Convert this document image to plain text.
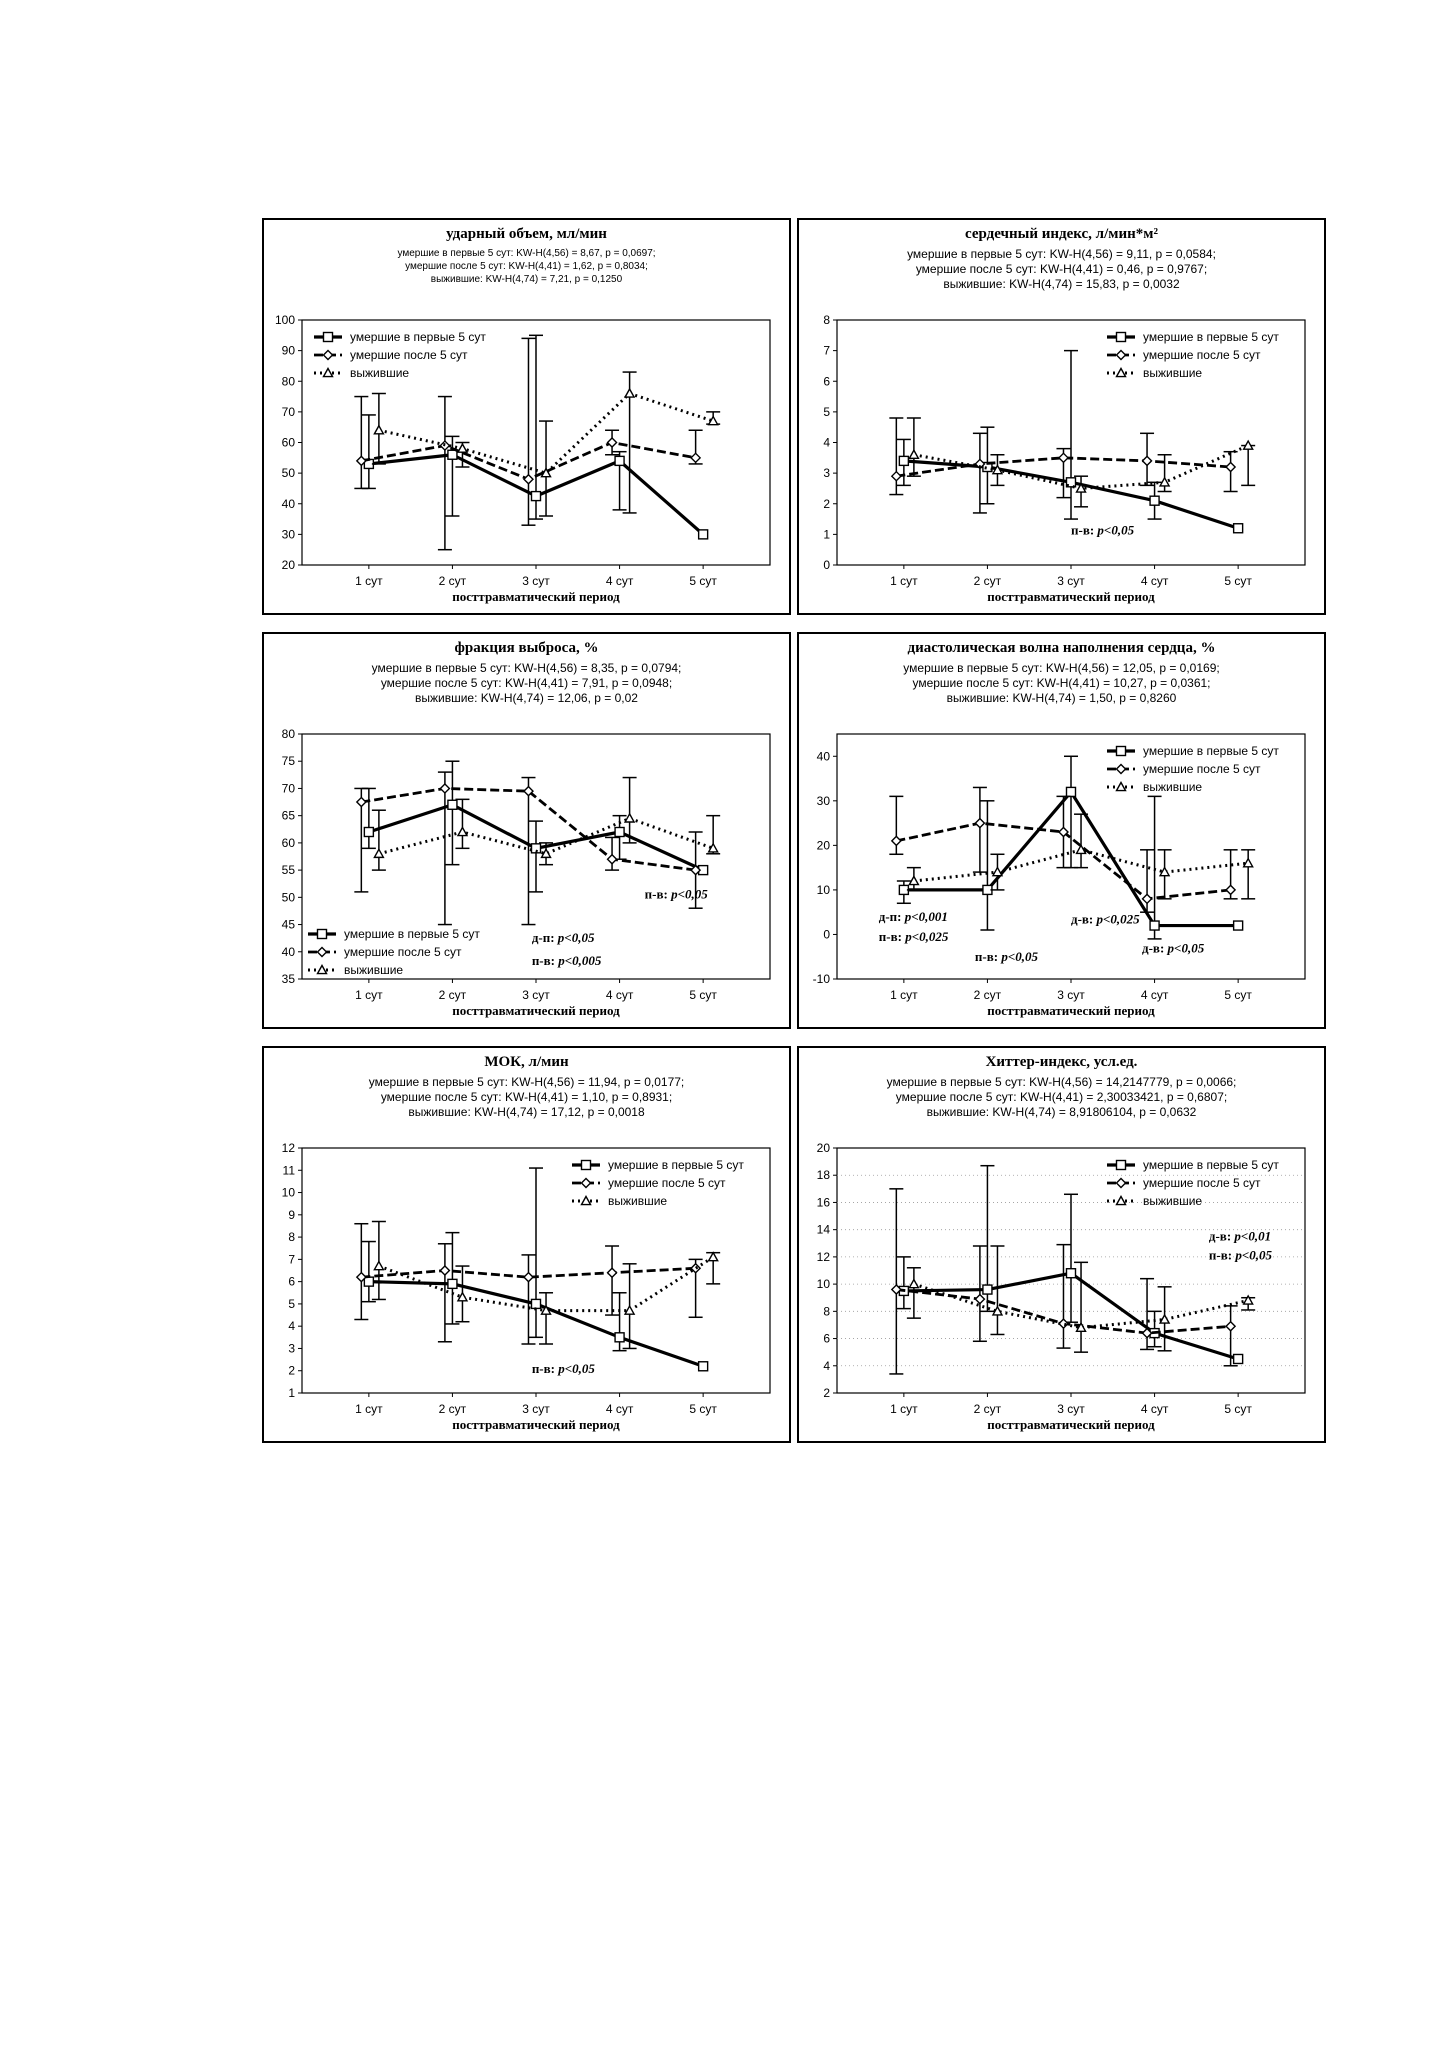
20
30
40
50
60
70
80
90
100
1 сут	2 сут	3 сут	4 сут	5 сут
посттравматический период
умершие в первые 5 сут
умершие после 5 сут
выжившие
ударный объем, мл/мин
умершие в первые 5 сут: KW-H(4,56) = 8,67, p = 0,0697;
умершие после 5 сут: KW-H(4,41) = 1,62, p = 0,8034;
выжившие: KW-H(4,74) = 7,21, p = 0,1250
0
1
2
3
4
5
6
7
8
1 сут	2 сут	3 сут	4 сут	5 сут
посттравматический период
умершие в первые 5 сут
умершие после 5 сут
выжившие
п-в: p<0,05
сердечный индекс, л/мин*м²
умершие в первые 5 сут: KW-H(4,56) = 9,11, p = 0,0584;
умершие после 5 сут: KW-H(4,41) = 0,46, p = 0,9767;
выжившие: KW-H(4,74) = 15,83, p = 0,0032
35
40
45
50
55
60
65
70
75
80
1 сут	2 сут	3 сут	4 сут	5 сут
посттравматический период
умершие в первые 5 сут
умершие после 5 сут
выжившие
п-в: p<0,05
д-п: p<0,05
п-в: p<0,005
фракция выброса, %
умершие в первые 5 сут: KW-H(4,56) = 8,35, p = 0,0794;
умершие после 5 сут: KW-H(4,41) = 7,91, p = 0,0948;
выжившие: KW-H(4,74) = 12,06, p = 0,02
-10
0
10
20
30
40
1 сут	2 сут	3 сут	4 сут	5 сут
посттравматический период
умершие в первые 5 сут
умершие после 5 сут
выжившие
д-п: p<0,001
п-в: p<0,025
п-в: p<0,05
д-в: p<0,025
д-в: p<0,05
диастолическая волна наполнения сердца, %
умершие в первые 5 сут: KW-H(4,56) = 12,05, p = 0,0169;
умершие после 5 сут: KW-H(4,41) = 10,27, p = 0,0361;
выжившие: KW-H(4,74) = 1,50, p = 0,8260
1
2
3
4
5
6
7
8
9
10
11
12
1 сут	2 сут	3 сут	4 сут	5 сут
посттравматический период
умершие в первые 5 сут
умершие после 5 сут
выжившие
п-в: p<0,05
МОК, л/мин
умершие в первые 5 сут: KW-H(4,56) = 11,94, p = 0,0177;
умершие после 5 сут: KW-H(4,41) = 1,10, p = 0,8931;
выжившие: KW-H(4,74) = 17,12, p = 0,0018
2
4
6
8
10
12
14
16
18
20
1 сут	2 сут	3 сут	4 сут	5 сут
посттравматический период
умершие в первые 5 сут
умершие после 5 сут
выжившие
д-в: p<0,01
п-в: p<0,05
Хиттер-индекс, усл.ед.
умершие в первые 5 сут: KW-H(4,56) = 14,2147779, p = 0,0066;
умершие после 5 сут: KW-H(4,41) = 2,30033421, p = 0,6807;
выжившие: KW-H(4,74) = 8,91806104, p = 0,0632
